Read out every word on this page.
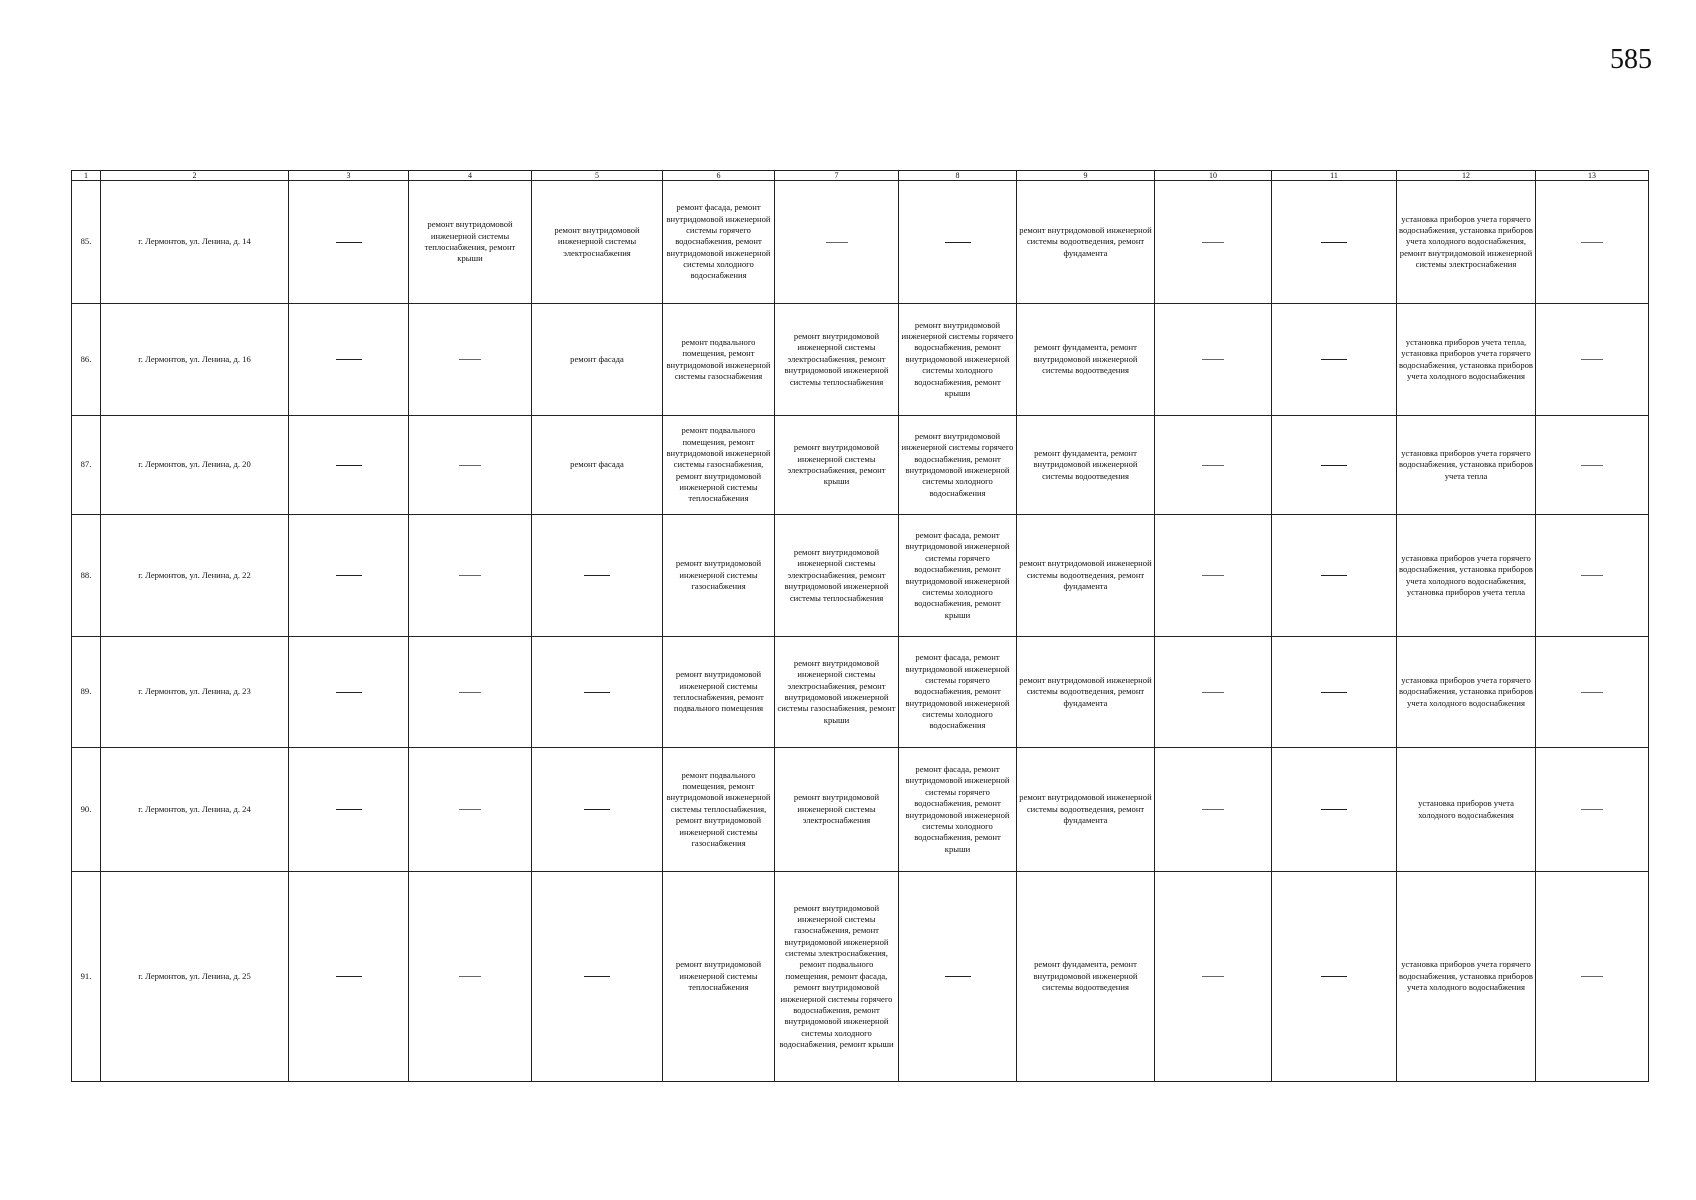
585
1	2	3	4	5	6	7	8	9	10	11	12	13
85.	г. Лермонтов, ул. Ленина, д. 14		ремонт внутридомовой инженерной системы теплоснабжения, ремонт крыши	ремонт внутридомовой инженерной системы электроснабжения	ремонт фасада, ремонт внутридомовой инженерной системы горячего водоснабжения, ремонт внутридомовой инженерной системы холодного водоснабжения			ремонт внутридомовой инженерной системы водоотведения, ремонт фундамента			установка приборов учета горячего водоснабжения, установка приборов учета холодного водоснабжения, ремонт внутридомовой инженерной системы электроснабжения	
86.	г. Лермонтов, ул. Ленина, д. 16			ремонт фасада	ремонт подвального помещения, ремонт внутридомовой инженерной системы газоснабжения	ремонт внутридомовой инженерной системы электроснабжения, ремонт внутридомовой инженерной системы теплоснабжения	ремонт внутридомовой инженерной системы горячего водоснабжения, ремонт внутридомовой инженерной системы холодного водоснабжения, ремонт крыши	ремонт фундамента, ремонт внутридомовой инженерной системы водоотведения			установка приборов учета тепла, установка приборов учета горячего водоснабжения, установка приборов учета холодного водоснабжения	
87.	г. Лермонтов, ул. Ленина, д. 20			ремонт фасада	ремонт подвального помещения, ремонт внутридомовой инженерной системы газоснабжения, ремонт внутридомовой инженерной системы теплоснабжения	ремонт внутридомовой инженерной системы электроснабжения, ремонт крыши	ремонт внутридомовой инженерной системы горячего водоснабжения, ремонт внутридомовой инженерной системы холодного водоснабжения	ремонт фундамента, ремонт внутридомовой инженерной системы водоотведения			установка приборов учета горячего водоснабжения, установка приборов учета тепла	
88.	г. Лермонтов, ул. Ленина, д. 22				ремонт внутридомовой инженерной системы газоснабжения	ремонт внутридомовой инженерной системы электроснабжения, ремонт внутридомовой инженерной системы теплоснабжения	ремонт фасада, ремонт внутридомовой инженерной системы горячего водоснабжения, ремонт внутридомовой инженерной системы холодного водоснабжения, ремонт крыши	ремонт внутридомовой инженерной системы водоотведения, ремонт фундамента			установка приборов учета горячего водоснабжения, установка приборов учета холодного водоснабжения, установка приборов учета тепла	
89.	г. Лермонтов, ул. Ленина, д. 23				ремонт внутридомовой инженерной системы теплоснабжения, ремонт подвального помещения	ремонт внутридомовой инженерной системы электроснабжения, ремонт внутридомовой инженерной системы газоснабжения, ремонт крыши	ремонт фасада, ремонт внутридомовой инженерной системы горячего водоснабжения, ремонт внутридомовой инженерной системы холодного водоснабжения	ремонт внутридомовой инженерной системы водоотведения, ремонт фундамента			установка приборов учета горячего водоснабжения, установка приборов учета холодного водоснабжения	
90.	г. Лермонтов, ул. Ленина, д. 24				ремонт подвального помещения, ремонт внутридомовой инженерной системы теплоснабжения, ремонт внутридомовой инженерной системы газоснабжения	ремонт внутридомовой инженерной системы электроснабжения	ремонт фасада, ремонт внутридомовой инженерной системы горячего водоснабжения, ремонт внутридомовой инженерной системы холодного водоснабжения, ремонт крыши	ремонт внутридомовой инженерной системы водоотведения, ремонт фундамента			установка приборов учета холодного водоснабжения	
91.	г. Лермонтов, ул. Ленина, д. 25				ремонт внутридомовой инженерной системы теплоснабжения	ремонт внутридомовой инженерной системы газоснабжения, ремонт внутридомовой инженерной системы электроснабжения, ремонт подвального помещения, ремонт фасада, ремонт внутридомовой инженерной системы горячего водоснабжения, ремонт внутридомовой инженерной системы холодного водоснабжения, ремонт крыши		ремонт фундамента, ремонт внутридомовой инженерной системы водоотведения			установка приборов учета горячего водоснабжения, установка приборов учета холодного водоснабжения	
